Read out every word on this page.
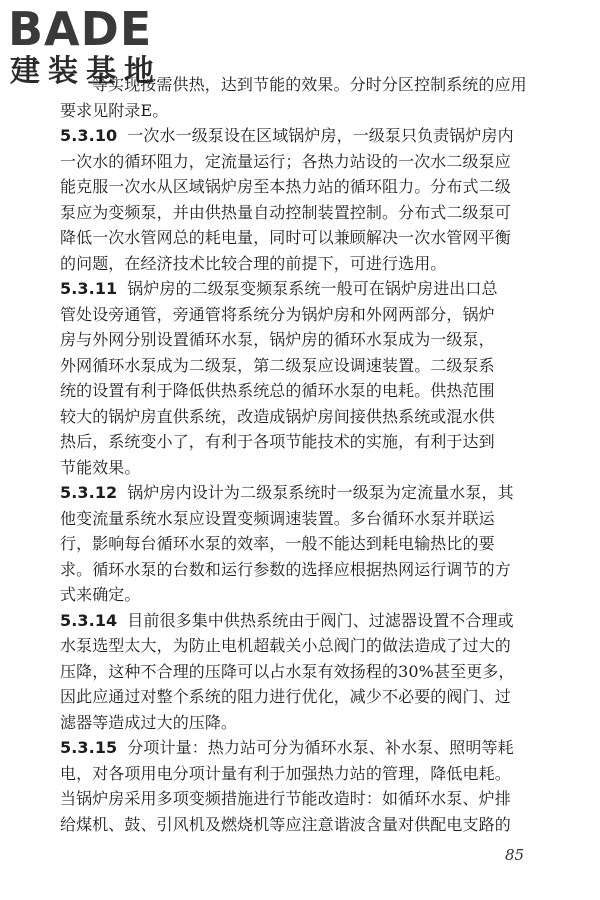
BADE
建装基地
等实现按需供热，达到节能的效果。分时分区控制系统的应用
要求见附录E。
5.3.10 一次水一级泵设在区域锅炉房，一级泵只负责锅炉房内
一次水的循环阻力，定流量运行；各热力站设的一次水二级泵应
能克服一次水从区域锅炉房至本热力站的循环阻力。分布式二级
泵应为变频泵，并由供热量自动控制装置控制。分布式二级泵可
降低一次水管网总的耗电量，同时可以兼顾解决一次水管网平衡
的问题，在经济技术比较合理的前提下，可进行选用。
5.3.11 锅炉房的二级泵变频泵系统一般可在锅炉房进出口总
管处设旁通管，旁通管将系统分为锅炉房和外网两部分，锅炉
房与外网分别设置循环水泵，锅炉房的循环水泵成为一级泵，
外网循环水泵成为二级泵，第二级泵应设调速装置。二级泵系
统的设置有利于降低供热系统总的循环水泵的电耗。供热范围
较大的锅炉房直供系统，改造成锅炉房间接供热系统或混水供
热后，系统变小了，有利于各项节能技术的实施，有利于达到
节能效果。
5.3.12 锅炉房内设计为二级泵系统时一级泵为定流量水泵，其
他变流量系统水泵应设置变频调速装置。多台循环水泵并联运
行，影响每台循环水泵的效率，一般不能达到耗电输热比的要
求。循环水泵的台数和运行参数的选择应根据热网运行调节的方
式来确定。
5.3.14 目前很多集中供热系统由于阀门、过滤器设置不合理或
水泵选型太大，为防止电机超载关小总阀门的做法造成了过大的
压降，这种不合理的压降可以占水泵有效扬程的30%甚至更多，
因此应通过对整个系统的阻力进行优化，减少不必要的阀门、过
滤器等造成过大的压降。
5.3.15 分项计量：热力站可分为循环水泵、补水泵、照明等耗
电，对各项用电分项计量有利于加强热力站的管理，降低电耗。
当锅炉房采用多项变频措施进行节能改造时：如循环水泵、炉排
给煤机、鼓、引风机及燃烧机等应注意谐波含量对供配电支路的
85
